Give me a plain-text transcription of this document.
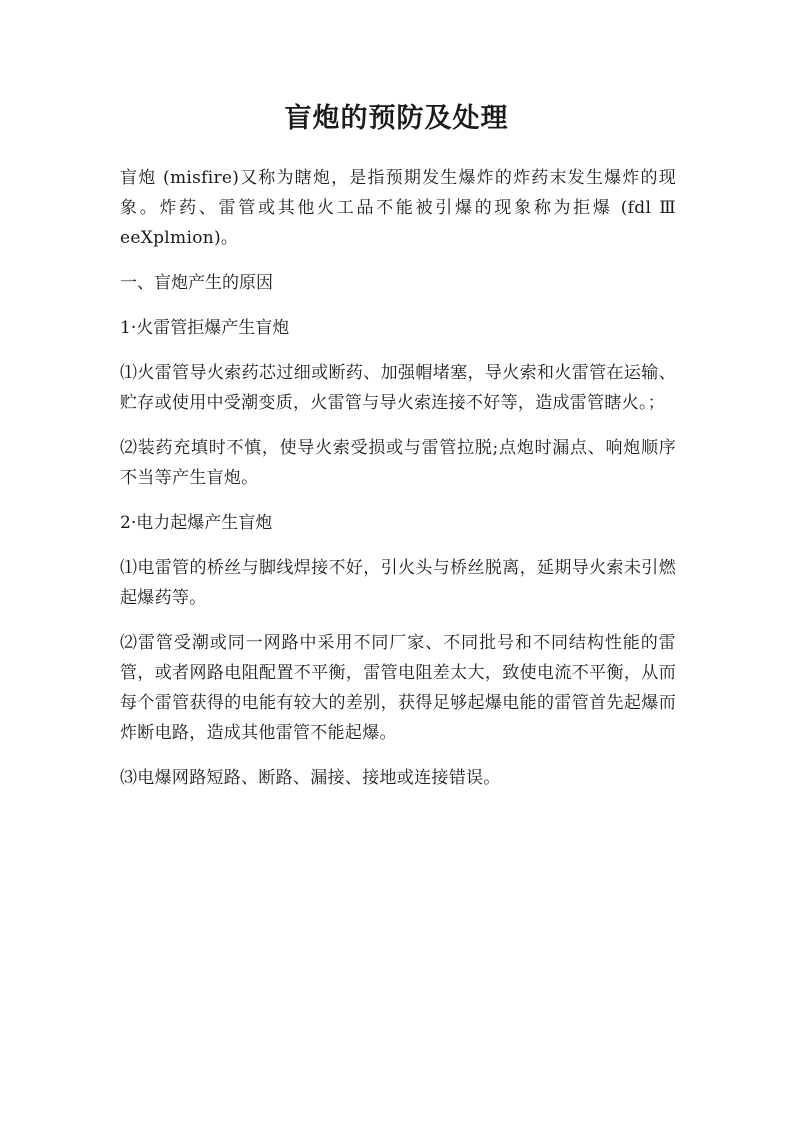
盲炮的预防及处理

盲炮 (misfire)又称为瞎炮，是指预期发生爆炸的炸药末发生爆炸的现象。炸药、雷管或其他火工品不能被引爆的现象称为拒爆 (fdl Ⅲ eeXplmion)。

一、盲炮产生的原因

1·火雷管拒爆产生盲炮

⑴火雷管导火索药芯过细或断药、加强帽堵塞，导火索和火雷管在运输、贮存或使用中受潮变质，火雷管与导火索连接不好等，造成雷管瞎火。；

⑵装药充填时不慎，使导火索受损或与雷管拉脱;点炮时漏点、响炮顺序不当等产生盲炮。

2·电力起爆产生盲炮

⑴电雷管的桥丝与脚线焊接不好，引火头与桥丝脱离，延期导火索未引燃起爆药等。

⑵雷管受潮或同一网路中采用不同厂家、不同批号和不同结构性能的雷管，或者网路电阻配置不平衡，雷管电阻差太大，致使电流不平衡，从而每个雷管获得的电能有较大的差别，获得足够起爆电能的雷管首先起爆而炸断电路，造成其他雷管不能起爆。

⑶电爆网路短路、断路、漏接、接地或连接错误。
